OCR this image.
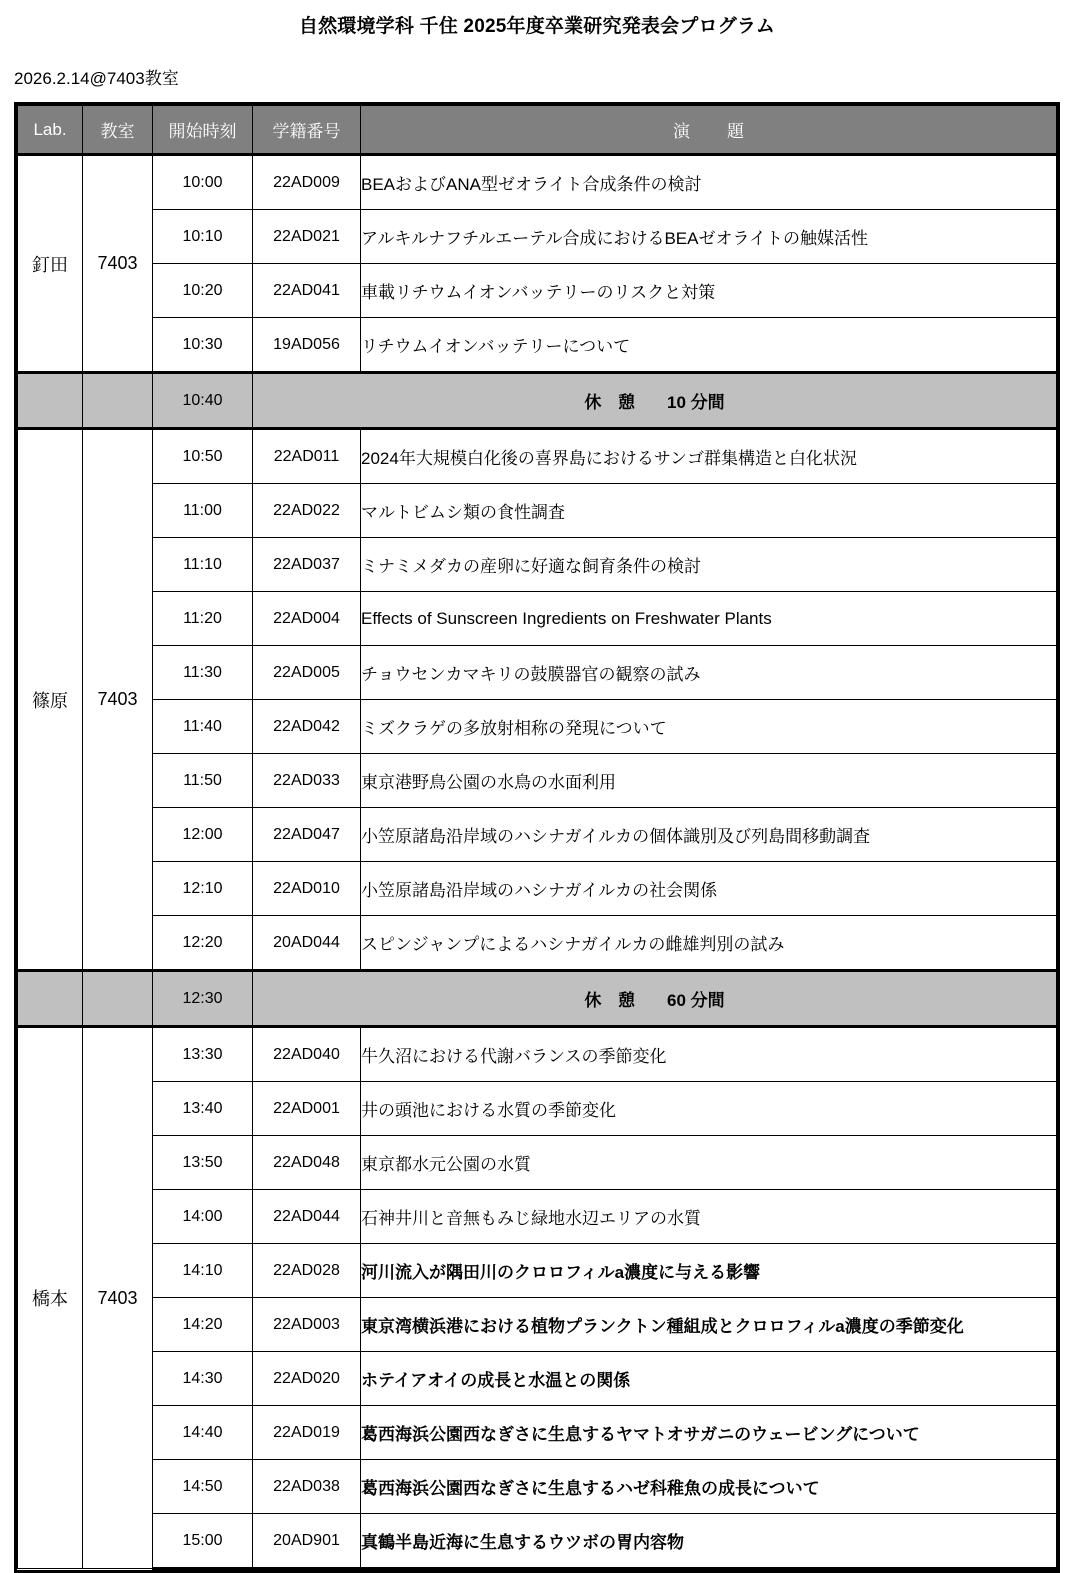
自然環境学科 千住 2025年度卒業研究発表会プログラム
2026.2.14@7403教室
Lab.	教室	開始時刻	学籍番号	演　題
釘田	7403	10:00	22AD009	BEAおよびANA型ゼオライト合成条件の検討
		10:10	22AD021	アルキルナフチルエーテル合成におけるBEAゼオライトの触媒活性
		10:20	22AD041	車載リチウムイオンバッテリーのリスクと対策
		10:30	19AD056	リチウムイオンバッテリーについて
		10:40	休 憩 10 分間	
篠原	7403	10:50	22AD011	2024年大規模白化後の喜界島におけるサンゴ群集構造と白化状況
		11:00	22AD022	マルトビムシ類の食性調査
		11:10	22AD037	ミナミメダカの産卵に好適な飼育条件の検討
		11:20	22AD004	Effects of Sunscreen Ingredients on Freshwater Plants
		11:30	22AD005	チョウセンカマキリの鼓膜器官の観察の試み
		11:40	22AD042	ミズクラゲの多放射相称の発現について
		11:50	22AD033	東京港野鳥公園の水鳥の水面利用
		12:00	22AD047	小笠原諸島沿岸域のハシナガイルカの個体識別及び列島間移動調査
		12:10	22AD010	小笠原諸島沿岸域のハシナガイルカの社会関係
		12:20	20AD044	スピンジャンプによるハシナガイルカの雌雄判別の試み
		12:30	休 憩 60 分間	
橋本	7403	13:30	22AD040	牛久沼における代謝バランスの季節変化
		13:40	22AD001	井の頭池における水質の季節変化
		13:50	22AD048	東京都水元公園の水質
		14:00	22AD044	石神井川と音無もみじ緑地水辺エリアの水質
		14:10	22AD028	河川流入が隅田川のクロロフィルa濃度に与える影響
		14:20	22AD003	東京湾横浜港における植物プランクトン種組成とクロロフィルa濃度の季節変化
		14:30	22AD020	ホテイアオイの成長と水温との関係
		14:40	22AD019	葛西海浜公園西なぎさに生息するヤマトオサガニのウェービングについて
		14:50	22AD038	葛西海浜公園西なぎさに生息するハゼ科稚魚の成長について
		15:00	20AD901	真鶴半島近海に生息するウツボの胃内容物
